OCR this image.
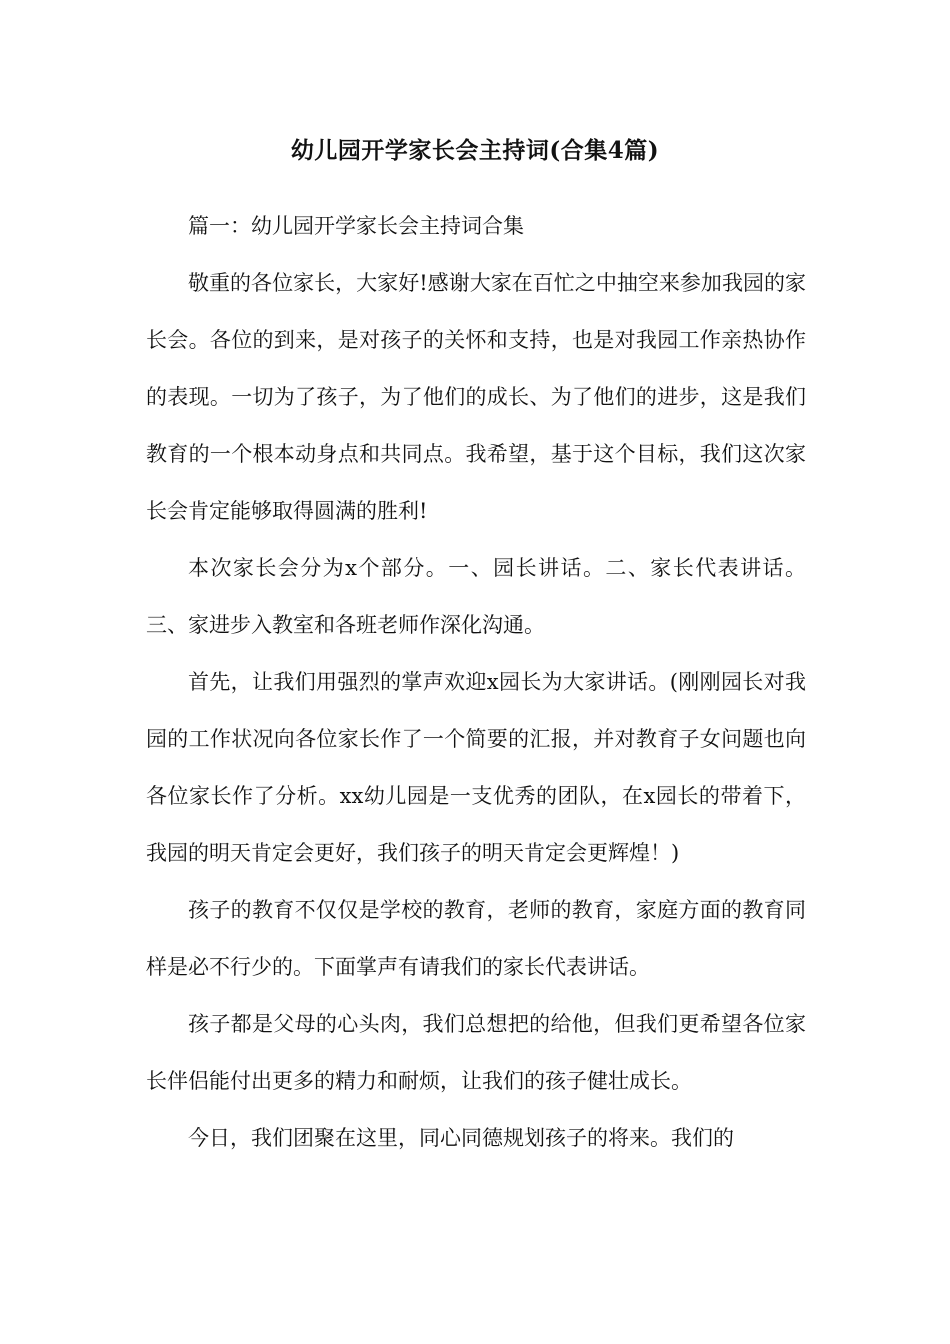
幼儿园开学家长会主持词(合集4篇)

篇一：幼儿园开学家长会主持词合集

敬重的各位家长，大家好!感谢大家在百忙之中抽空来参加我园的家长会。各位的到来，是对孩子的关怀和支持，也是对我园工作亲热协作的表现。一切为了孩子，为了他们的成长、为了他们的进步，这是我们教育的一个根本动身点和共同点。我希望，基于这个目标，我们这次家长会肯定能够取得圆满的胜利!

本次家长会分为x个部分。一、园长讲话。二、家长代表讲话。三、家进步入教室和各班老师作深化沟通。

首先，让我们用强烈的掌声欢迎x园长为大家讲话。(刚刚园长对我园的工作状况向各位家长作了一个简要的汇报，并对教育子女问题也向各位家长作了分析。xx幼儿园是一支优秀的团队，在x园长的带着下，我园的明天肯定会更好，我们孩子的明天肯定会更辉煌！)

孩子的教育不仅仅是学校的教育，老师的教育，家庭方面的教育同样是必不行少的。下面掌声有请我们的家长代表讲话。

孩子都是父母的心头肉，我们总想把的给他，但我们更希望各位家长伴侣能付出更多的精力和耐烦，让我们的孩子健壮成长。

今日，我们团聚在这里，同心同德规划孩子的将来。我们的
